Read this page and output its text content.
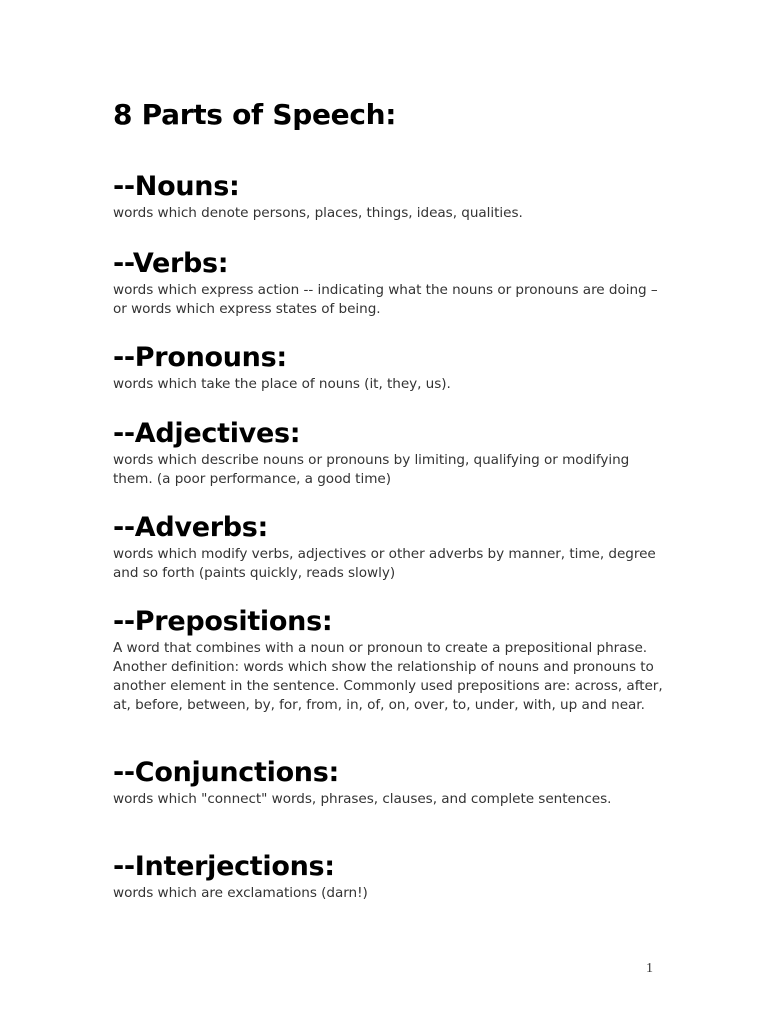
8 Parts of Speech:
--Nouns:

words which denote persons, places, things, ideas, qualities.

--Verbs:

words which express action -- indicating what the nouns or pronouns are doing – or words which express states of being.

--Pronouns:

words which take the place of nouns (it, they, us).

--Adjectives:

words which describe nouns or pronouns by limiting, qualifying or modifying them. (a poor performance, a good time)

--Adverbs:

words which modify verbs, adjectives or other adverbs by manner, time, degree and so forth (paints quickly, reads slowly)

--Prepositions:

A word that combines with a noun or pronoun to create a prepositional phrase. Another definition: words which show the relationship of nouns and pronouns to another element in the sentence. Commonly used prepositions are: across, after, at, before, between, by, for, from, in, of, on, over, to, under, with, up and near.

--Conjunctions:

words which "connect" words, phrases, clauses, and complete sentences.

--Interjections:

words which are exclamations (darn!)

1
